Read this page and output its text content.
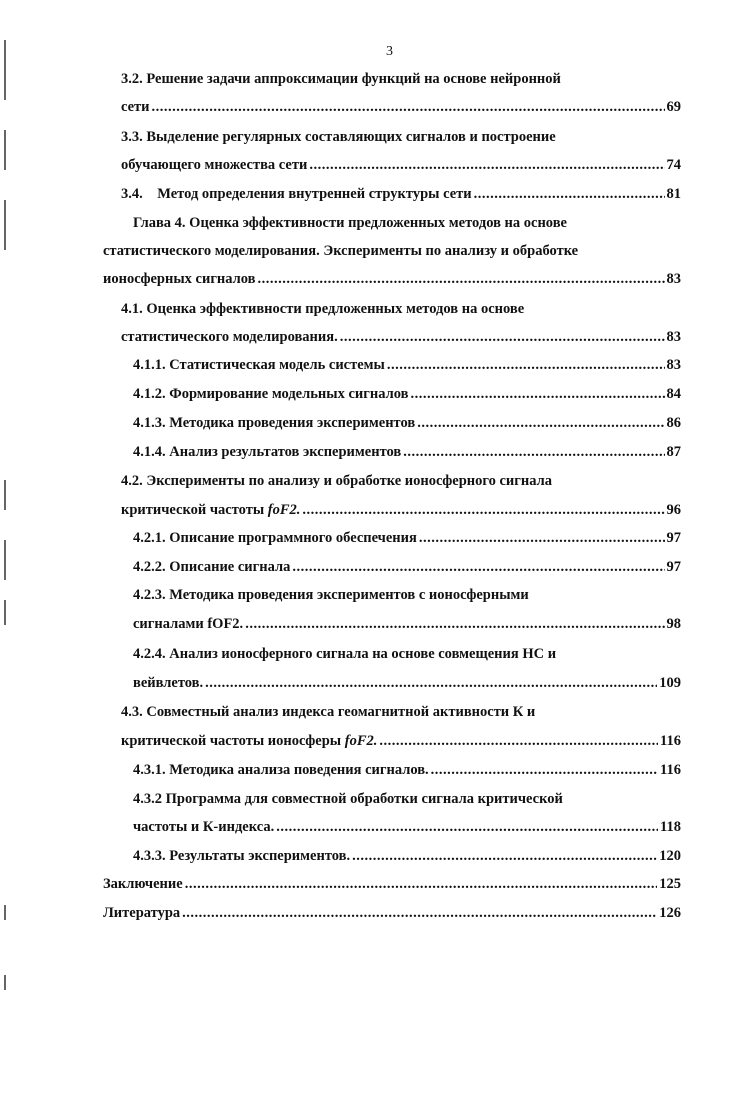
3
3.2. Решение задачи аппроксимации функций на основе нейронной
сети .....	69
3.3. Выделение регулярных составляющих сигналов и построение
обучающего множества сети .....	74
3.4.    Метод определения внутренней структуры сети .....	81
Глава 4. Оценка эффективности предложенных методов на основе
статистического моделирования. Эксперименты по анализу и обработке
ионосферных сигналов .....	83
4.1. Оценка эффективности предложенных методов на основе
статистического моделирования. .....	83
4.1.1. Статистическая модель системы .....	83
4.1.2. Формирование модельных сигналов .....	84
4.1.3. Методика проведения экспериментов .....	86
4.1.4. Анализ результатов экспериментов .....	87
4.2. Эксперименты по анализу и обработке ионосферного сигнала
критической частоты foF2. .....	96
4.2.1. Описание программного обеспечения .....	97
4.2.2. Описание сигнала .....	97
4.2.3. Методика проведения экспериментов с ионосферными
сигналами fOF2. .....	98
4.2.4. Анализ ионосферного сигнала на основе совмещения НС и
вейвлетов. .....	109
4.3. Совместный анализ индекса геомагнитной активности К и
критической частоты ионосферы foF2. .....	116
4.3.1. Методика анализа поведения сигналов. .....	116
4.3.2 Программа для совместной обработки сигнала критической
частоты и К-индекса. .....	118
4.3.3. Результаты экспериментов. .....	120
Заключение .....	125
Литература .....	126
